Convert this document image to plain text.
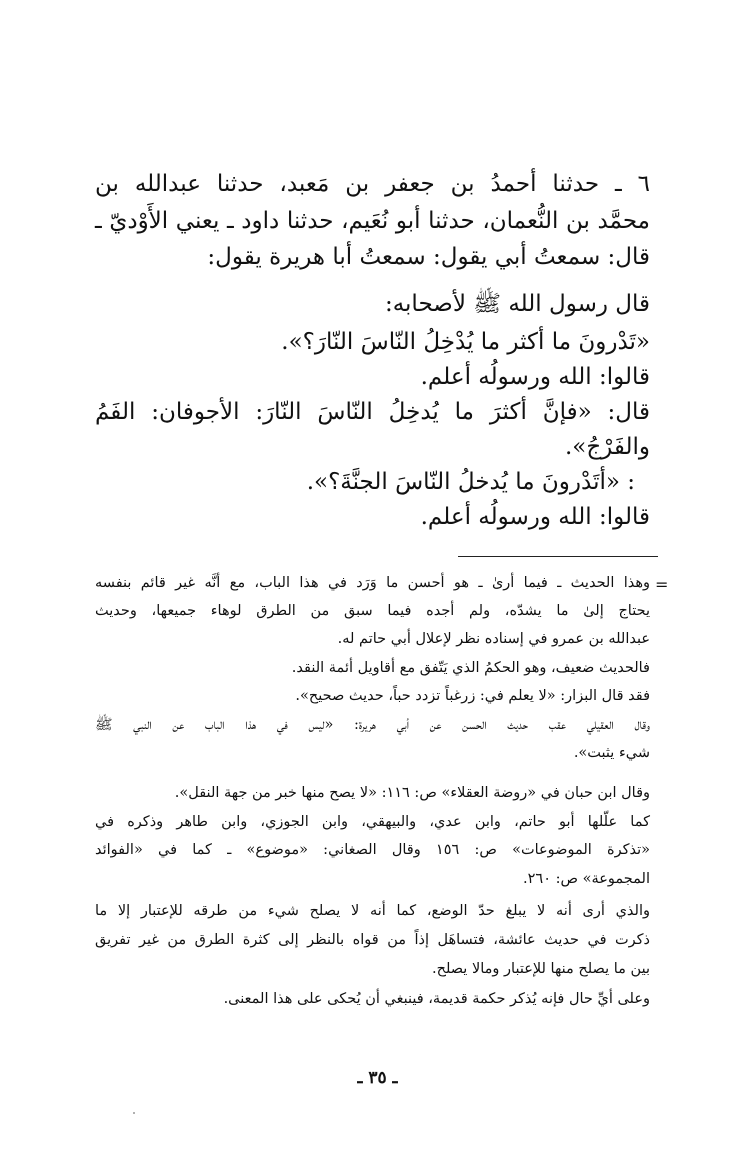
٦ ـ حدثنا أحمدُ بن جعفر بن مَعبد، حدثنا عبدالله بن

محمَّد بن النُّعمان، حدثنا أبو نُعَيم، حدثنا داود ـ يعني الأَوْديّ ـ

قال: سمعتُ أبي يقول: سمعتُ أبا هريرة يقول:

قال رسول الله ﷺ لأصحابه:

«تَدْرونَ ما أكثر ما يُدْخِلُ النّاسَ النّارَ؟».

قالوا: الله ورسولُه أعلم.

قال: «فإنَّ أكثرَ ما يُدخِلُ النّاسَ النّارَ: الأجوفان: الفَمُ

والفَرْجُ».

: «أتَدْرونَ ما يُدخلُ النّاسَ الجنَّةَ؟».

قالوا: الله ورسولُه أعلم.

=

وهذا الحديث ـ فيما أرىٰ ـ هو أحسن ما وَرَد في هذا الباب، مع أنَّه غير قائم بنفسه

يحتاج إلىٰ ما يشدّه، ولم أجده فيما سبق من الطرق لوهاء جميعها، وحديث

عبدالله بن عمرو في إسناده نظر لإعلال أبي حاتم له.

فالحديث ضعيف، وهو الحكمُ الذي يَتّفق مع أقاويل أئمة النقد.

فقد قال البزار: «لا يعلم في: زرغباً تزدد حباً، حديث صحيح».

وقال العقيلي عقب حديث الحسن عن أبي هريرة: «ليس في هذا الباب عن النبي ﷺ

شيء يثبت».

وقال ابن حبان في «روضة العقلاء» ص: ١١٦: «لا يصح منها خبر من جهة النقل».

كما علّلها أبو حاتم، وابن عدي، والبيهقي، وابن الجوزي، وابن طاهر وذكره في

«تذكرة الموضوعات» ص: ١٥٦ وقال الصغاني: «موضوع» ـ كما في «الفوائد

المجموعة» ص: ٢٦٠.

والذي أرى أنه لا يبلغ حدّ الوضع، كما أنه لا يصلح شيء من طرقه للإعتبار إلا ما

ذكرت في حديث عائشة، فتساهَل إذاً من قواه بالنظر إلى كثرة الطرق من غير تفريق

بين ما يصلح منها للإعتبار ومالا يصلح.

وعلى أيِّ حال فإنه يُذكر حكمة قديمة، فينبغي أن يُحكى على هذا المعنى.

ـ ٣٥ ـ
